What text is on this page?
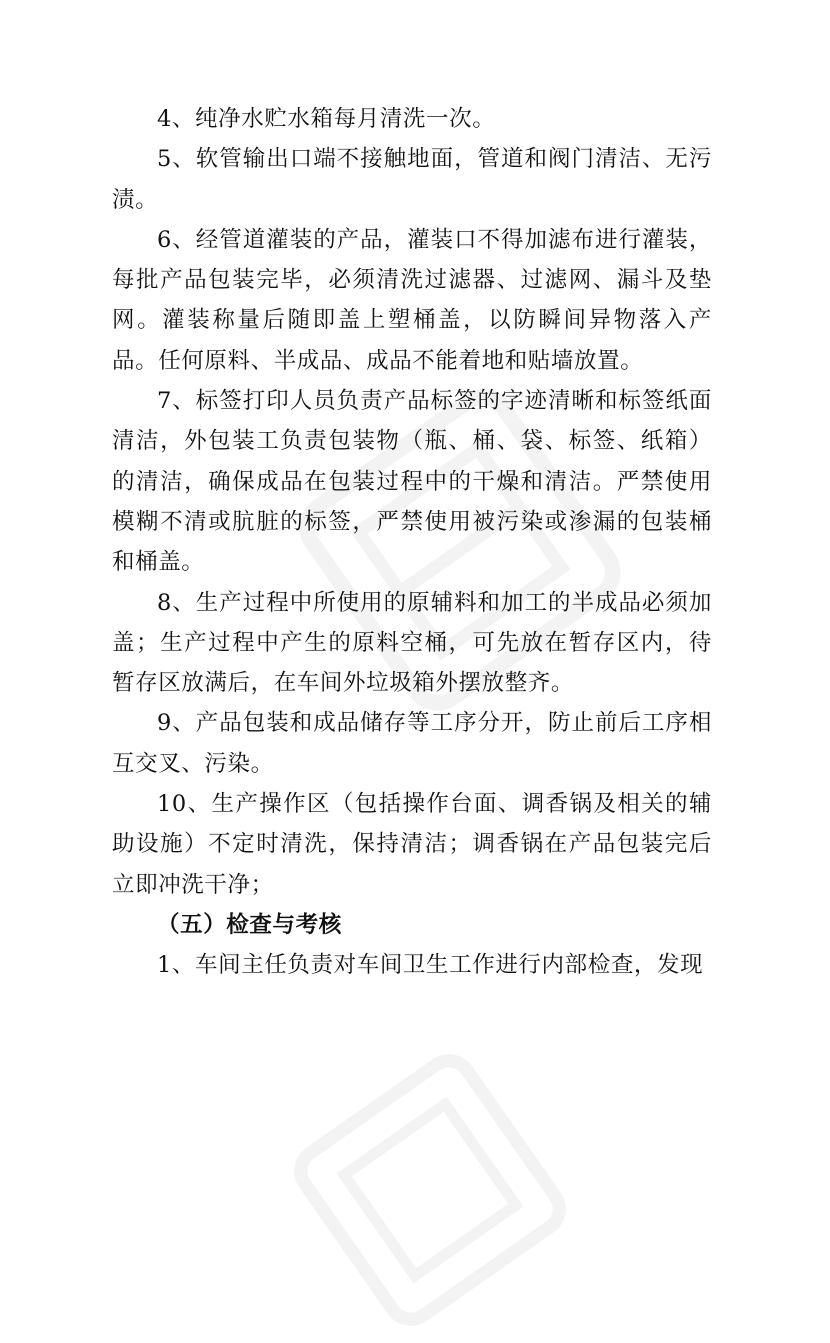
4、纯净水贮水箱每月清洗一次。

5、软管输出口端不接触地面，管道和阀门清洁、无污渍。

6、经管道灌装的产品，灌装口不得加滤布进行灌装，每批产品包装完毕，必须清洗过滤器、过滤网、漏斗及垫网。灌装称量后随即盖上塑桶盖，以防瞬间异物落入产品。任何原料、半成品、成品不能着地和贴墙放置。

7、标签打印人员负责产品标签的字迹清晰和标签纸面清洁，外包装工负责包装物（瓶、桶、袋、标签、纸箱）的清洁，确保成品在包装过程中的干燥和清洁。严禁使用模糊不清或肮脏的标签，严禁使用被污染或渗漏的包装桶和桶盖。

8、生产过程中所使用的原辅料和加工的半成品必须加盖；生产过程中产生的原料空桶，可先放在暂存区内，待暂存区放满后，在车间外垃圾箱外摆放整齐。

9、产品包装和成品储存等工序分开，防止前后工序相互交叉、污染。

10、生产操作区（包括操作台面、调香锅及相关的辅助设施）不定时清洗，保持清洁；调香锅在产品包装完后立即冲洗干净；

（五）检查与考核

1、车间主任负责对车间卫生工作进行内部检查，发现
